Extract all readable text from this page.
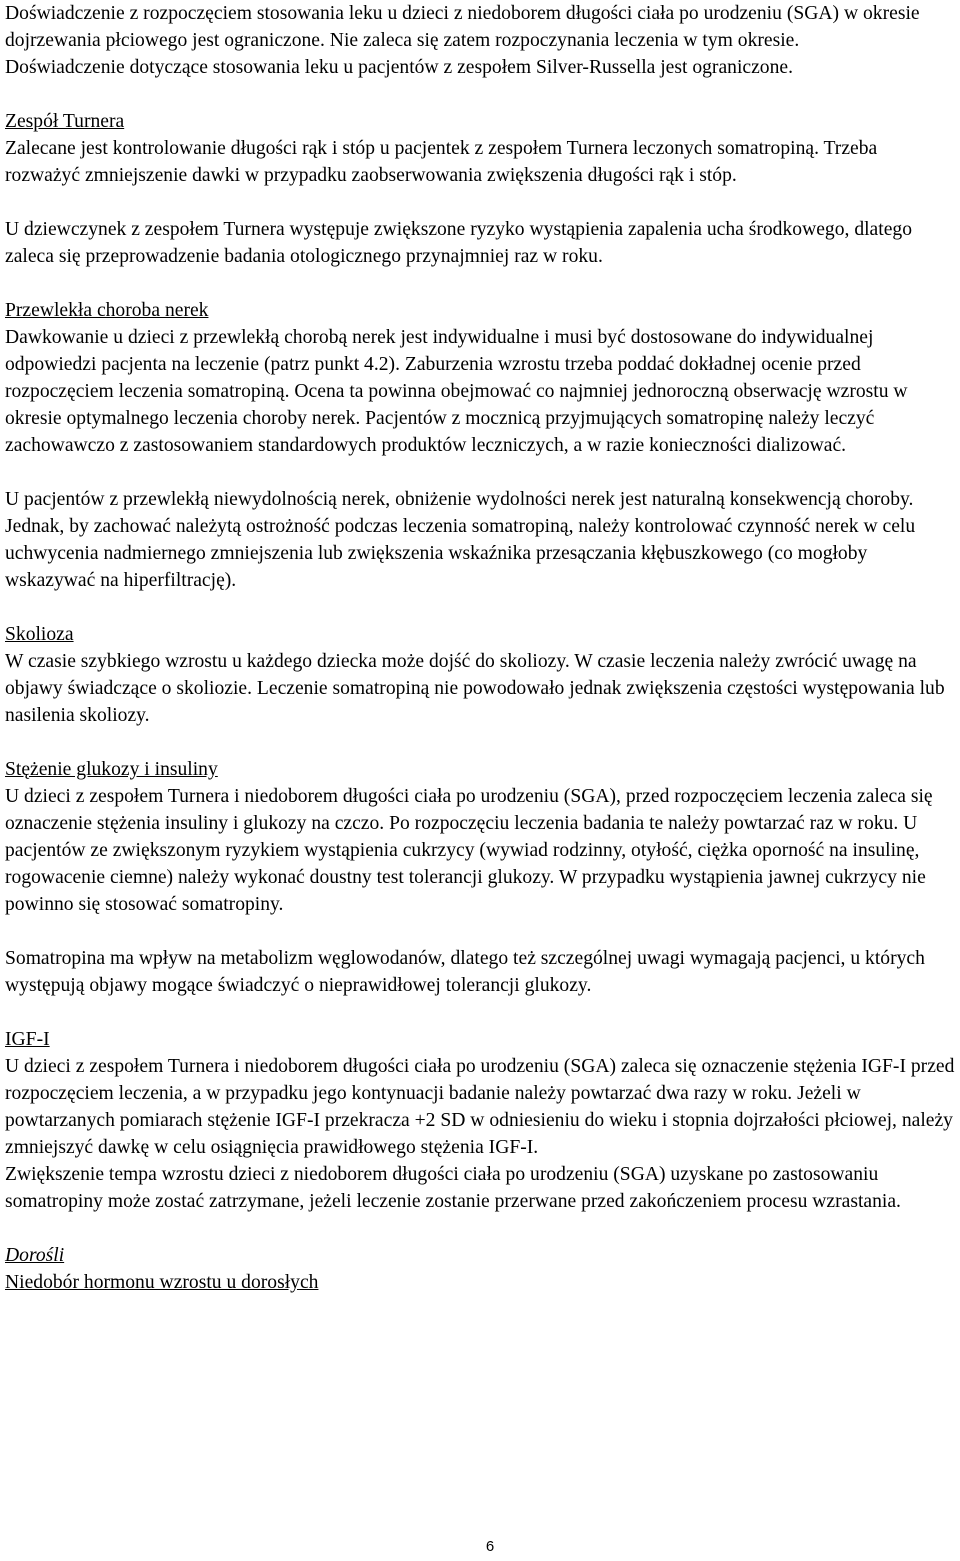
Doświadczenie z rozpoczęciem stosowania leku u dzieci z niedoborem długości ciała po urodzeniu (SGA) w okresie dojrzewania płciowego jest ograniczone. Nie zaleca się zatem rozpoczynania leczenia w tym okresie.

Doświadczenie dotyczące stosowania leku u pacjentów z zespołem Silver-Russella jest ograniczone.

Zespół Turnera

Zalecane jest kontrolowanie długości rąk i stóp u pacjentek z zespołem Turnera leczonych somatropiną. Trzeba rozważyć zmniejszenie dawki w przypadku zaobserwowania zwiększenia długości rąk i stóp.

U dziewczynek z zespołem Turnera występuje zwiększone ryzyko wystąpienia zapalenia ucha środkowego, dlatego zaleca się przeprowadzenie badania otologicznego przynajmniej raz w roku.

Przewlekła choroba nerek

Dawkowanie u dzieci z przewlekłą chorobą nerek jest indywidualne i musi być dostosowane do indywidualnej odpowiedzi pacjenta na leczenie (patrz punkt 4.2). Zaburzenia wzrostu trzeba poddać dokładnej ocenie przed rozpoczęciem leczenia somatropiną. Ocena ta powinna obejmować co najmniej jednoroczną obserwację wzrostu w okresie optymalnego leczenia choroby nerek. Pacjentów z mocznicą przyjmujących somatropinę należy leczyć zachowawczo z zastosowaniem standardowych produktów leczniczych, a w razie konieczności dializować.

U pacjentów z przewlekłą niewydolnością nerek, obniżenie wydolności nerek jest naturalną konsekwencją choroby. Jednak, by zachować należytą ostrożność podczas leczenia somatropiną, należy kontrolować czynność nerek w celu uchwycenia nadmiernego zmniejszenia lub zwiększenia wskaźnika przesączania kłębuszkowego (co mogłoby wskazywać na hiperfiltrację).

Skolioza

W czasie szybkiego wzrostu u każdego dziecka może dojść do skoliozy. W czasie leczenia należy zwrócić uwagę na objawy świadczące o skoliozie. Leczenie somatropiną nie powodowało jednak zwiększenia częstości występowania lub nasilenia skoliozy.

Stężenie glukozy i insuliny

U dzieci z zespołem Turnera i niedoborem długości ciała po urodzeniu (SGA), przed rozpoczęciem leczenia zaleca się oznaczenie stężenia insuliny i glukozy na czczo. Po rozpoczęciu leczenia badania te należy powtarzać raz w roku. U pacjentów ze zwiększonym ryzykiem wystąpienia cukrzycy (wywiad rodzinny, otyłość, ciężka oporność na insulinę, rogowacenie ciemne) należy wykonać doustny test tolerancji glukozy. W przypadku wystąpienia jawnej cukrzycy nie powinno się stosować somatropiny.

Somatropina ma wpływ na metabolizm węglowodanów, dlatego też szczególnej uwagi wymagają pacjenci, u których występują objawy mogące świadczyć o nieprawidłowej tolerancji glukozy.

IGF-I

U dzieci z zespołem Turnera i niedoborem długości ciała po urodzeniu (SGA) zaleca się oznaczenie stężenia IGF-I przed rozpoczęciem leczenia, a w przypadku jego kontynuacji badanie należy powtarzać dwa razy w roku. Jeżeli w powtarzanych pomiarach stężenie IGF-I przekracza +2 SD w odniesieniu do wieku i stopnia dojrzałości płciowej, należy zmniejszyć dawkę w celu osiągnięcia prawidłowego stężenia IGF-I.

Zwiększenie tempa wzrostu dzieci z niedoborem długości ciała po urodzeniu (SGA) uzyskane po zastosowaniu somatropiny może zostać zatrzymane, jeżeli leczenie zostanie przerwane przed zakończeniem procesu wzrastania.

Dorośli

Niedobór hormonu wzrostu u dorosłych

6
